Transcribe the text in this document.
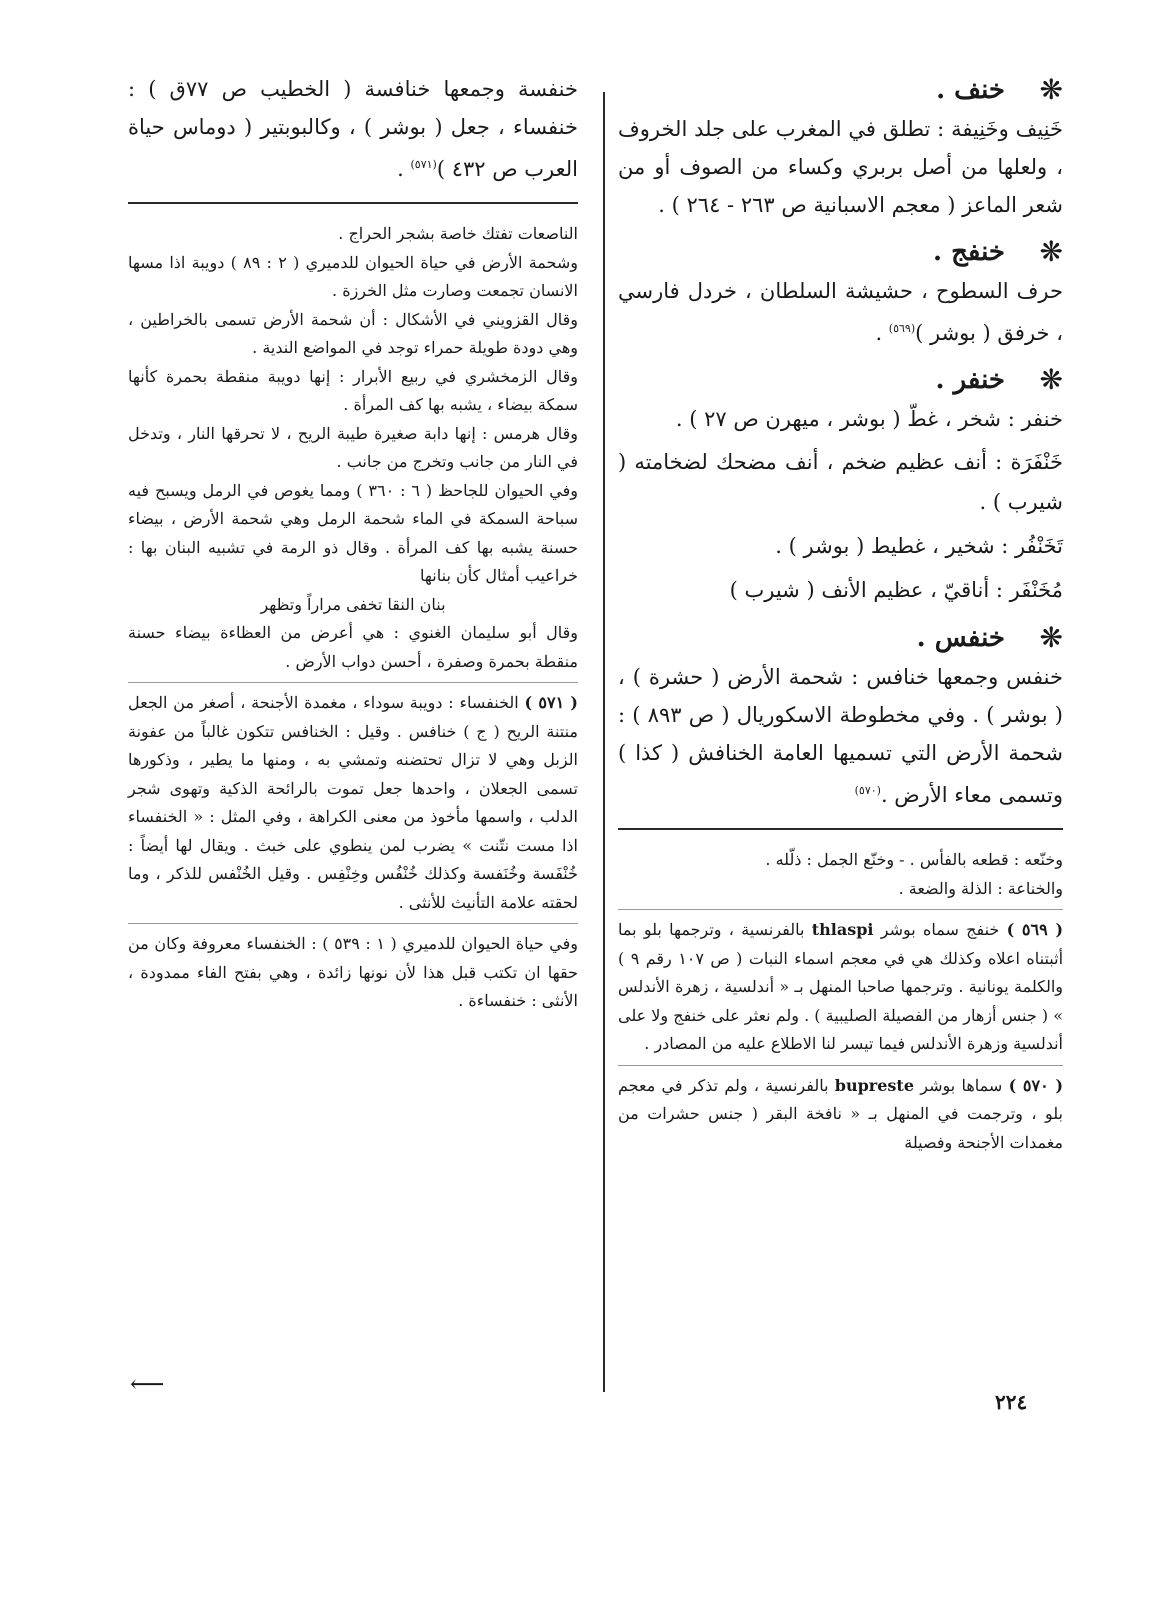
❋
خنف .
خَنِيف وخَنِيفة : تطلق في المغرب على جلد الخروف ، ولعلها من أصل بربري وكساء من الصوف أو من شعر الماعز ( معجم الاسبانية ص ٢٦٣ - ٢٦٤ ) .
❋
خنفج .
حرف السطوح ، حشيشة السلطان ، خردل فارسي ، خرفق ( بوشر )$^{(٥٦٩)}$ .
❋
خنفر .
خنفر : شخر ، غطّ ( بوشر ، ميهرن ص ٢٧ ) .
خَنْفَرَة : أنف عظيم ضخم ، أنف مضحك لضخامته ( شيرب ) .
تَخَنْفُر : شخير ، غطيط ( بوشر ) .
مُخَنْفَر : أناقيّ ، عظيم الأنف ( شيرب )
❋
خنفس .
خنفس وجمعها خنافس : شحمة الأرض ( حشرة ) ، ( بوشر ) . وفي مخطوطة الاسكوريال ( ص ٨٩٣ ) : شحمة الأرض التي تسميها العامة الخنافش ( كذا ) وتسمى معاء الأرض .$^{(٥٧٠)}$

وخنّعه : قطعه بالفأس . - وخنّع الجمل : ذلّله .

والخناعة : الذلة والضعة .

( ٥٦٩ ) خنفج سماه بوشر thlaspi بالفرنسية ، وترجمها بلو بما أثبتناه اعلاه وكذلك هي في معجم اسماء النبات ( ص ١٠٧ رقم ٩ ) والكلمة يونانية . وترجمها صاحبا المنهل بـ « أندلسية ، زهرة الأندلس » ( جنس أزهار من الفصيلة الصليبية ) . ولم نعثر على خنفج ولا على أندلسية وزهرة الأندلس فيما تيسر لنا الاطلاع عليه من المصادر .

( ٥٧٠ ) سماها بوشر bupreste بالفرنسية ، ولم تذكر في معجم بلو ، وترجمت في المنهل بـ « نافخة البقر ( جنس حشرات من مغمدات الأجنحة وفصيلة

خنفسة وجمعها خنافسة ( الخطيب ص ٧٧ق ) : خنفساء ، جعل ( بوشر ) ، وكالبوبتير ( دوماس حياة العرب ص ٤٣٢ )$^{(٥٧١)}$ .

الناصعات تفتك خاصة بشجر الحراج .

وشحمة الأرض في حياة الحيوان للدميري ( ٢ : ٨٩ ) دويبة اذا مسها الانسان تجمعت وصارت مثل الخرزة .

وقال القزويني في الأشكال : أن شحمة الأرض تسمى بالخراطين ، وهي دودة طويلة حمراء توجد في المواضع الندية .

وقال الزمخشري في ربيع الأبرار : إنها دويبة منقطة بحمرة كأنها سمكة بيضاء ، يشبه بها كف المرأة .

وقال هرمس : إنها دابة صغيرة طيبة الريح ، لا تحرقها النار ، وتدخل في النار من جانب وتخرج من جانب .

وفي الحيوان للجاحظ ( ٦ : ٣٦٠ ) ومما يغوص في الرمل ويسبح فيه سباحة السمكة في الماء شحمة الرمل وهي شحمة الأرض ، بيضاء حسنة يشبه بها كف المرأة . وقال ذو الرمة في تشبيه البنان بها : خراعيب أمثال كأن بنانها

بنان النقا تخفى مراراً وتظهر

وقال أبو سليمان الغنوي : هي أعرض من العظاءة بيضاء حسنة منقطة بحمرة وصفرة ، أحسن دواب الأرض .

( ٥٧١ ) الخنفساء : دويبة سوداء ، مغمدة الأجنحة ، أصغر من الجعل منتنة الريح ( ج ) خنافس . وقيل : الخنافس تتكون غالباً من عفونة الزبل وهي لا تزال تحتضنه وتمشي به ، ومنها ما يطير ، وذكورها تسمى الجعلان ، واحدها جعل تموت بالرائحة الذكية وتهوى شجر الدلب ، واسمها مأخوذ من معنى الكراهة ، وفي المثل : « الخنفساء اذا مست نتّنت » يضرب لمن ينطوي على خبث . ويقال لها أيضاً : خُنْفَسة وخُنَفسة وكذلك خُنْفُس وخِنْفِس . وقيل الخُنْفس للذكر ، وما لحقته علامة التأنيث للأنثى .

وفي حياة الحيوان للدميري ( ١ : ٥٣٩ ) : الخنفساء معروفة وكان من حقها ان تكتب قبل هذا لأن نونها زائدة ، وهي بفتح الفاء ممدودة ، الأنثى : خنفساءة .

⟵
٢٢٤
